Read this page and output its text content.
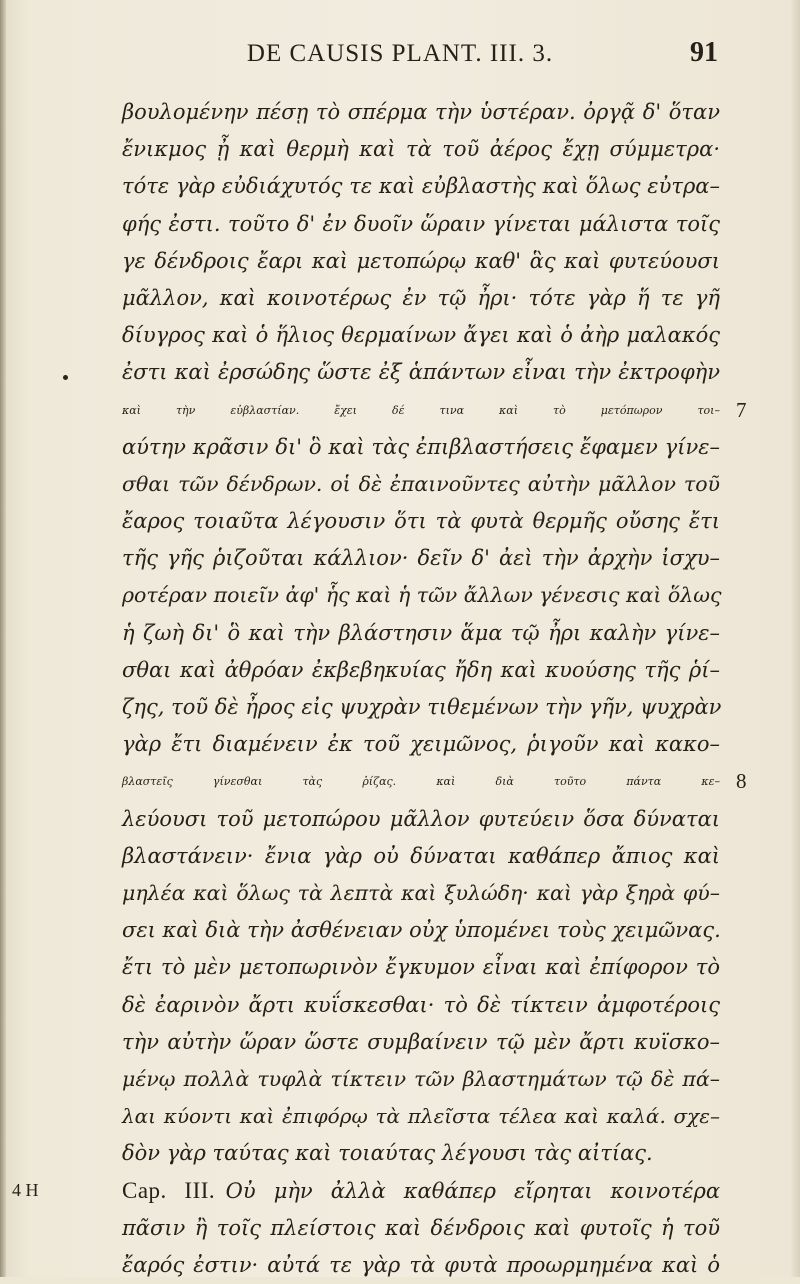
DE CAUSIS PLANT. III. 3.	91
βουλομένην πέσῃ τὸ σπέρμα τὴν ὑστέραν. ὀργᾷ δ' ὅταν
ἔνικμος ᾖ καὶ θερμὴ καὶ τὰ τοῦ ἀέρος ἔχῃ σύμμετρα·
τότε γὰρ εὐδιάχυτός τε καὶ εὐβλαστὴς καὶ ὅλως εὐτρα–
φής ἐστι. τοῦτο δ' ἐν δυοῖν ὥραιν γίνεται μάλιστα τοῖς
γε δένδροις ἔαρι καὶ μετοπώρῳ καθ' ἃς καὶ φυτεύουσι
μᾶλλον, καὶ κοινοτέρως ἐν τῷ ἦρι· τότε γὰρ ἥ τε γῆ
δίυγρος καὶ ὁ ἥλιος θερμαίνων ἄγει καὶ ὁ ἀὴρ μαλακός
ἐστι καὶ ἐρσώδης ὥστε ἐξ ἁπάντων εἶναι τὴν ἐκτροφὴν
καὶ τὴν εὐβλαστίαν. ἔχει δέ τινα καὶ τὸ μετόπωρον τοι– 7
αύτην κρᾶσιν δι' ὃ καὶ τὰς ἐπιβλαστήσεις ἔφαμεν γίνε–
σθαι τῶν δένδρων. οἱ δὲ ἐπαινοῦντες αὐτὴν μᾶλλον τοῦ
ἔαρος τοιαῦτα λέγουσιν ὅτι τὰ φυτὰ θερμῆς οὔσης ἔτι
τῆς γῆς ῥιζοῦται κάλλιον· δεῖν δ' ἀεὶ τὴν ἀρχὴν ἰσχυ–
ροτέραν ποιεῖν ἀφ' ἧς καὶ ἡ τῶν ἄλλων γένεσις καὶ ὅλως
ἡ ζωὴ δι' ὃ καὶ τὴν βλάστησιν ἅμα τῷ ἦρι καλὴν γίνε–
σθαι καὶ ἀθρόαν ἐκβεβηκυίας ἤδη καὶ κυούσης τῆς ῥί–
ζης, τοῦ δὲ ἦρος εἰς ψυχρὰν τιθεμένων τὴν γῆν, ψυχρὰν
γὰρ ἔτι διαμένειν ἐκ τοῦ χειμῶνος, ῥιγοῦν καὶ κακο–
βλαστεῖς γίνεσθαι τὰς ῥίζας. καὶ διὰ τοῦτο πάντα κε– 8
λεύουσι τοῦ μετοπώρου μᾶλλον φυτεύειν ὅσα δύναται
βλαστάνειν· ἔνια γὰρ οὐ δύναται καθάπερ ἄπιος καὶ
μηλέα καὶ ὅλως τὰ λεπτὰ καὶ ξυλώδη· καὶ γὰρ ξηρὰ φύ–
σει καὶ διὰ τὴν ἀσθένειαν οὐχ ὑπομένει τοὺς χειμῶνας.
ἔτι τὸ μὲν μετοπωρινὸν ἔγκυμον εἶναι καὶ ἐπίφορον τὸ
δὲ ἐαρινὸν ἄρτι κυΐσκεσθαι· τὸ δὲ τίκτειν ἀμφοτέροις
τὴν αὐτὴν ὥραν ὥστε συμβαίνειν τῷ μὲν ἄρτι κυϊσκο–
μένῳ πολλὰ τυφλὰ τίκτειν τῶν βλαστημάτων τῷ δὲ πά–
λαι κύοντι καὶ ἐπιφόρῳ τὰ πλεῖστα τέλεα καὶ καλά. σχε–
δὸν γὰρ ταύτας καὶ τοιαύτας λέγουσι τὰς αἰτίας.
4 H	Cap. III.  Οὐ μὴν ἀλλὰ καθάπερ εἴρηται κοινοτέρα
πᾶσιν ἢ τοῖς πλείστοις καὶ δένδροις καὶ φυτοῖς ἡ τοῦ
ἔαρός ἐστιν· αὐτά τε γὰρ τὰ φυτὰ προωρμημένα καὶ ὁ
